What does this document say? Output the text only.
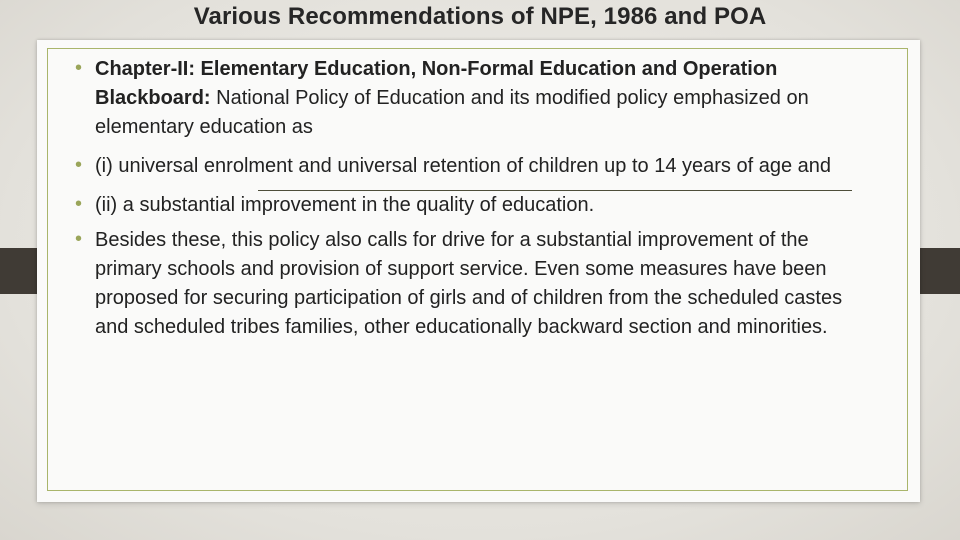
Various Recommendations of NPE, 1986 and POA
• Chapter-II: Elementary Education, Non-Formal Education and Operation Blackboard: National Policy of Education and its modified policy emphasized on elementary education as
• (i) universal enrolment and universal retention of children up to 14 years of age and
• (ii) a substantial improvement in the quality of education.
• Besides these, this policy also calls for drive for a substantial improvement of the primary schools and provision of support service. Even some measures have been proposed for securing participation of girls and of children from the scheduled castes and scheduled tribes families, other educationally backward section and minorities.
